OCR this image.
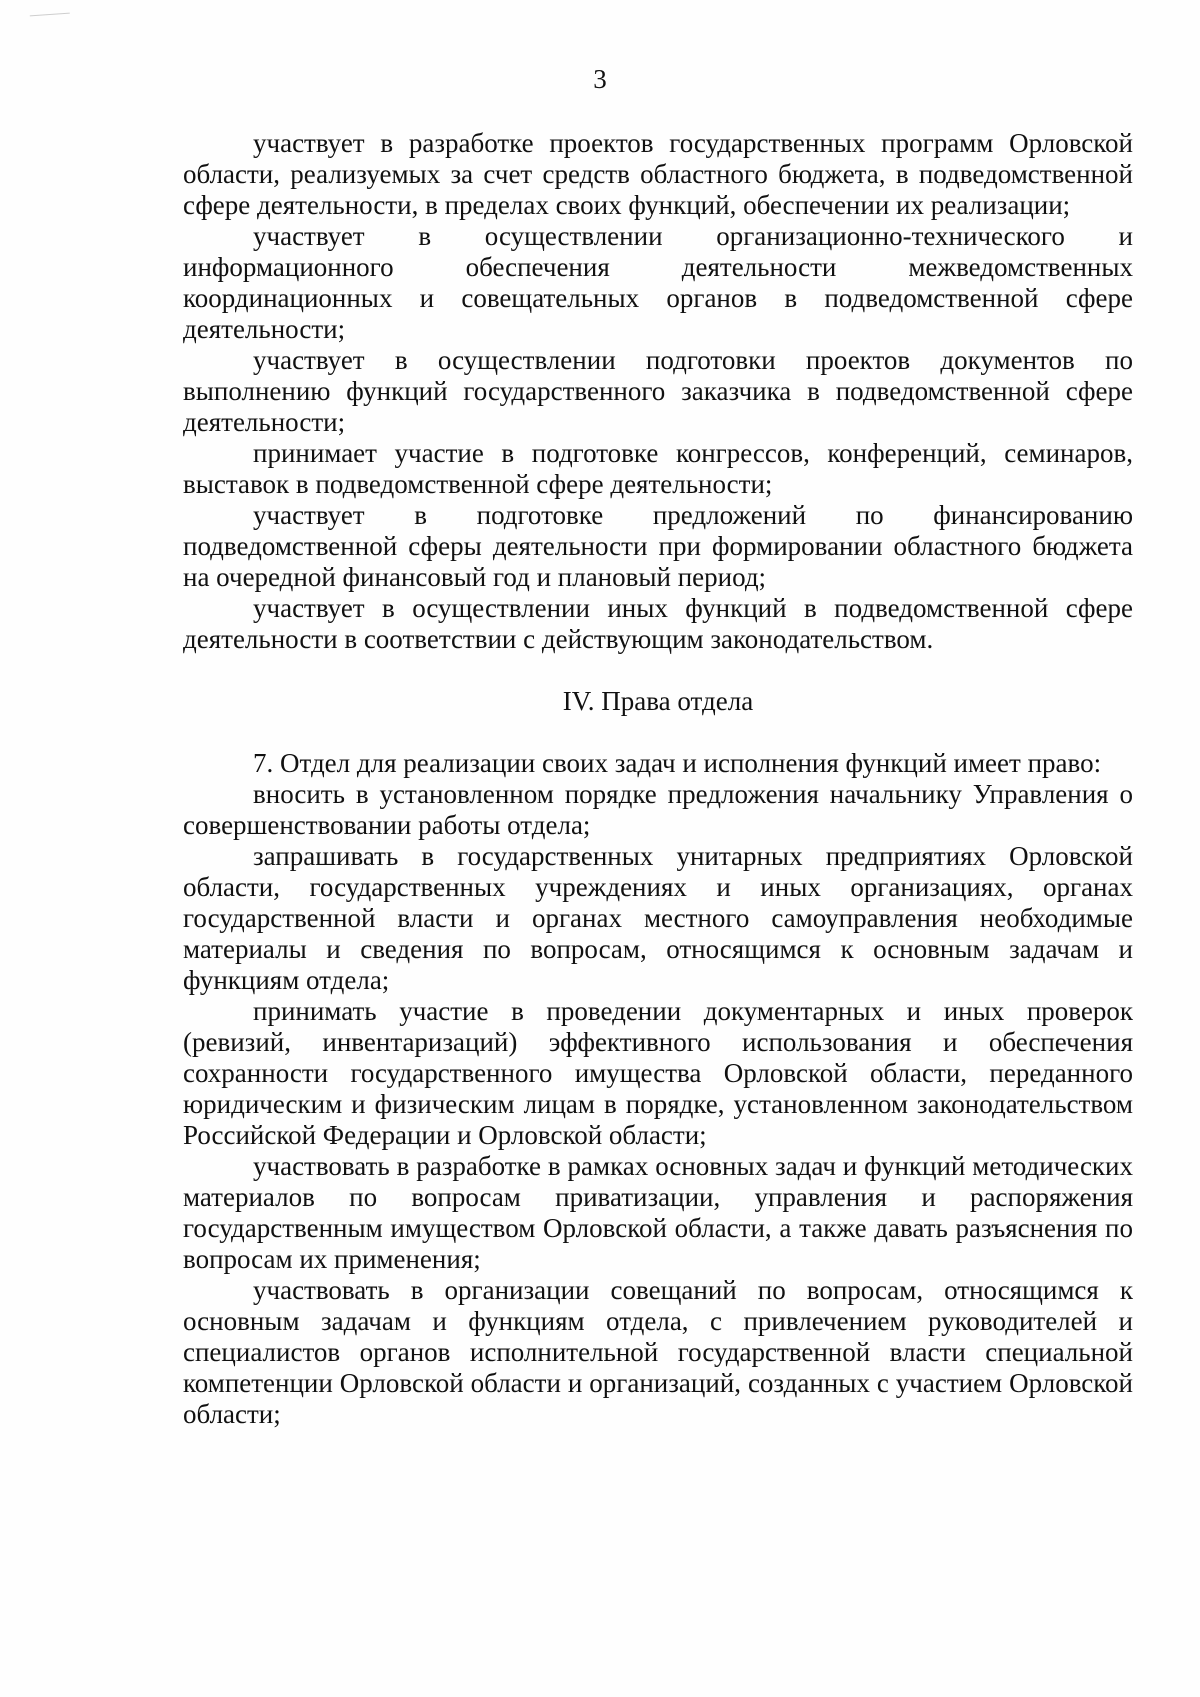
3

участвует в разработке проектов государственных программ Орловской области, реализуемых за счет средств областного бюджета, в подведомственной сфере деятельности, в пределах своих функций, обеспечении их реализации;

участвует в осуществлении организационно-технического и информационного обеспечения деятельности межведомственных координационных и совещательных органов в подведомственной сфере деятельности;

участвует в осуществлении подготовки проектов документов по выполнению функций государственного заказчика в подведомственной сфере деятельности;

принимает участие в подготовке конгрессов, конференций, семинаров, выставок в подведомственной сфере деятельности;

участвует в подготовке предложений по финансированию подведомственной сферы деятельности при формировании областного бюджета на очередной финансовый год и плановый период;

участвует в осуществлении иных функций в подведомственной сфере деятельности в соответствии с действующим законодательством.

IV. Права отдела

7. Отдел для реализации своих задач и исполнения функций имеет право:

вносить в установленном порядке предложения начальнику Управления о совершенствовании работы отдела;

запрашивать в государственных унитарных предприятиях Орловской области, государственных учреждениях и иных организациях, органах государственной власти и органах местного самоуправления необходимые материалы и сведения по вопросам, относящимся к основным задачам и функциям отдела;

принимать участие в проведении документарных и иных проверок (ревизий, инвентаризаций) эффективного использования и обеспечения сохранности государственного имущества Орловской области, переданного юридическим и физическим лицам в порядке, установленном законодательством Российской Федерации и Орловской области;

участвовать в разработке в рамках основных задач и функций методических материалов по вопросам приватизации, управления и распоряжения государственным имуществом Орловской области, а также давать разъяснения по вопросам их применения;

участвовать в организации совещаний по вопросам, относящимся к основным задачам и функциям отдела, с привлечением руководителей и специалистов органов исполнительной государственной власти специальной компетенции Орловской области и организаций, созданных с участием Орловской области;
